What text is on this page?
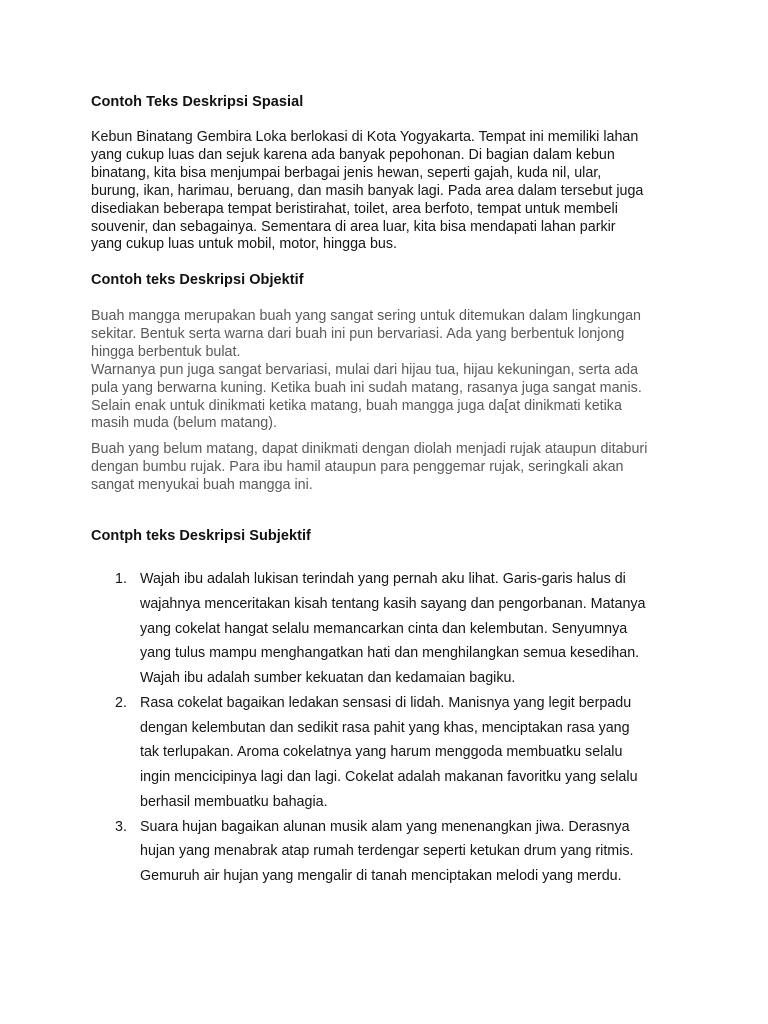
Contoh Teks Deskripsi Spasial

Kebun Binatang Gembira Loka berlokasi di Kota Yogyakarta. Tempat ini memiliki lahan
yang cukup luas dan sejuk karena ada banyak pepohonan. Di bagian dalam kebun
binatang, kita bisa menjumpai berbagai jenis hewan, seperti gajah, kuda nil, ular,
burung, ikan, harimau, beruang, dan masih banyak lagi. Pada area dalam tersebut juga
disediakan beberapa tempat beristirahat, toilet, area berfoto, tempat untuk membeli
souvenir, dan sebagainya. Sementara di area luar, kita bisa mendapati lahan parkir
yang cukup luas untuk mobil, motor, hingga bus.

Contoh teks Deskripsi Objektif

Buah mangga merupakan buah yang sangat sering untuk ditemukan dalam lingkungan
sekitar. Bentuk serta warna dari buah ini pun bervariasi. Ada yang berbentuk lonjong
hingga berbentuk bulat.
Warnanya pun juga sangat bervariasi, mulai dari hijau tua, hijau kekuningan, serta ada
pula yang berwarna kuning. Ketika buah ini sudah matang, rasanya juga sangat manis.
Selain enak untuk dinikmati ketika matang, buah mangga juga da[at dinikmati ketika
masih muda (belum matang).

Buah yang belum matang, dapat dinikmati dengan diolah menjadi rujak ataupun ditaburi
dengan bumbu rujak. Para ibu hamil ataupun para penggemar rujak, seringkali akan
sangat menyukai buah mangga ini.

Contph teks Deskripsi Subjektif
1. Wajah ibu adalah lukisan terindah yang pernah aku lihat. Garis-garis halus di
wajahnya menceritakan kisah tentang kasih sayang dan pengorbanan. Matanya
yang cokelat hangat selalu memancarkan cinta dan kelembutan. Senyumnya
yang tulus mampu menghangatkan hati dan menghilangkan semua kesedihan.
Wajah ibu adalah sumber kekuatan dan kedamaian bagiku.
2. Rasa cokelat bagaikan ledakan sensasi di lidah. Manisnya yang legit berpadu
dengan kelembutan dan sedikit rasa pahit yang khas, menciptakan rasa yang
tak terlupakan. Aroma cokelatnya yang harum menggoda membuatku selalu
ingin mencicipinya lagi dan lagi. Cokelat adalah makanan favoritku yang selalu
berhasil membuatku bahagia.
3. Suara hujan bagaikan alunan musik alam yang menenangkan jiwa. Derasnya
hujan yang menabrak atap rumah terdengar seperti ketukan drum yang ritmis.
Gemuruh air hujan yang mengalir di tanah menciptakan melodi yang merdu.
